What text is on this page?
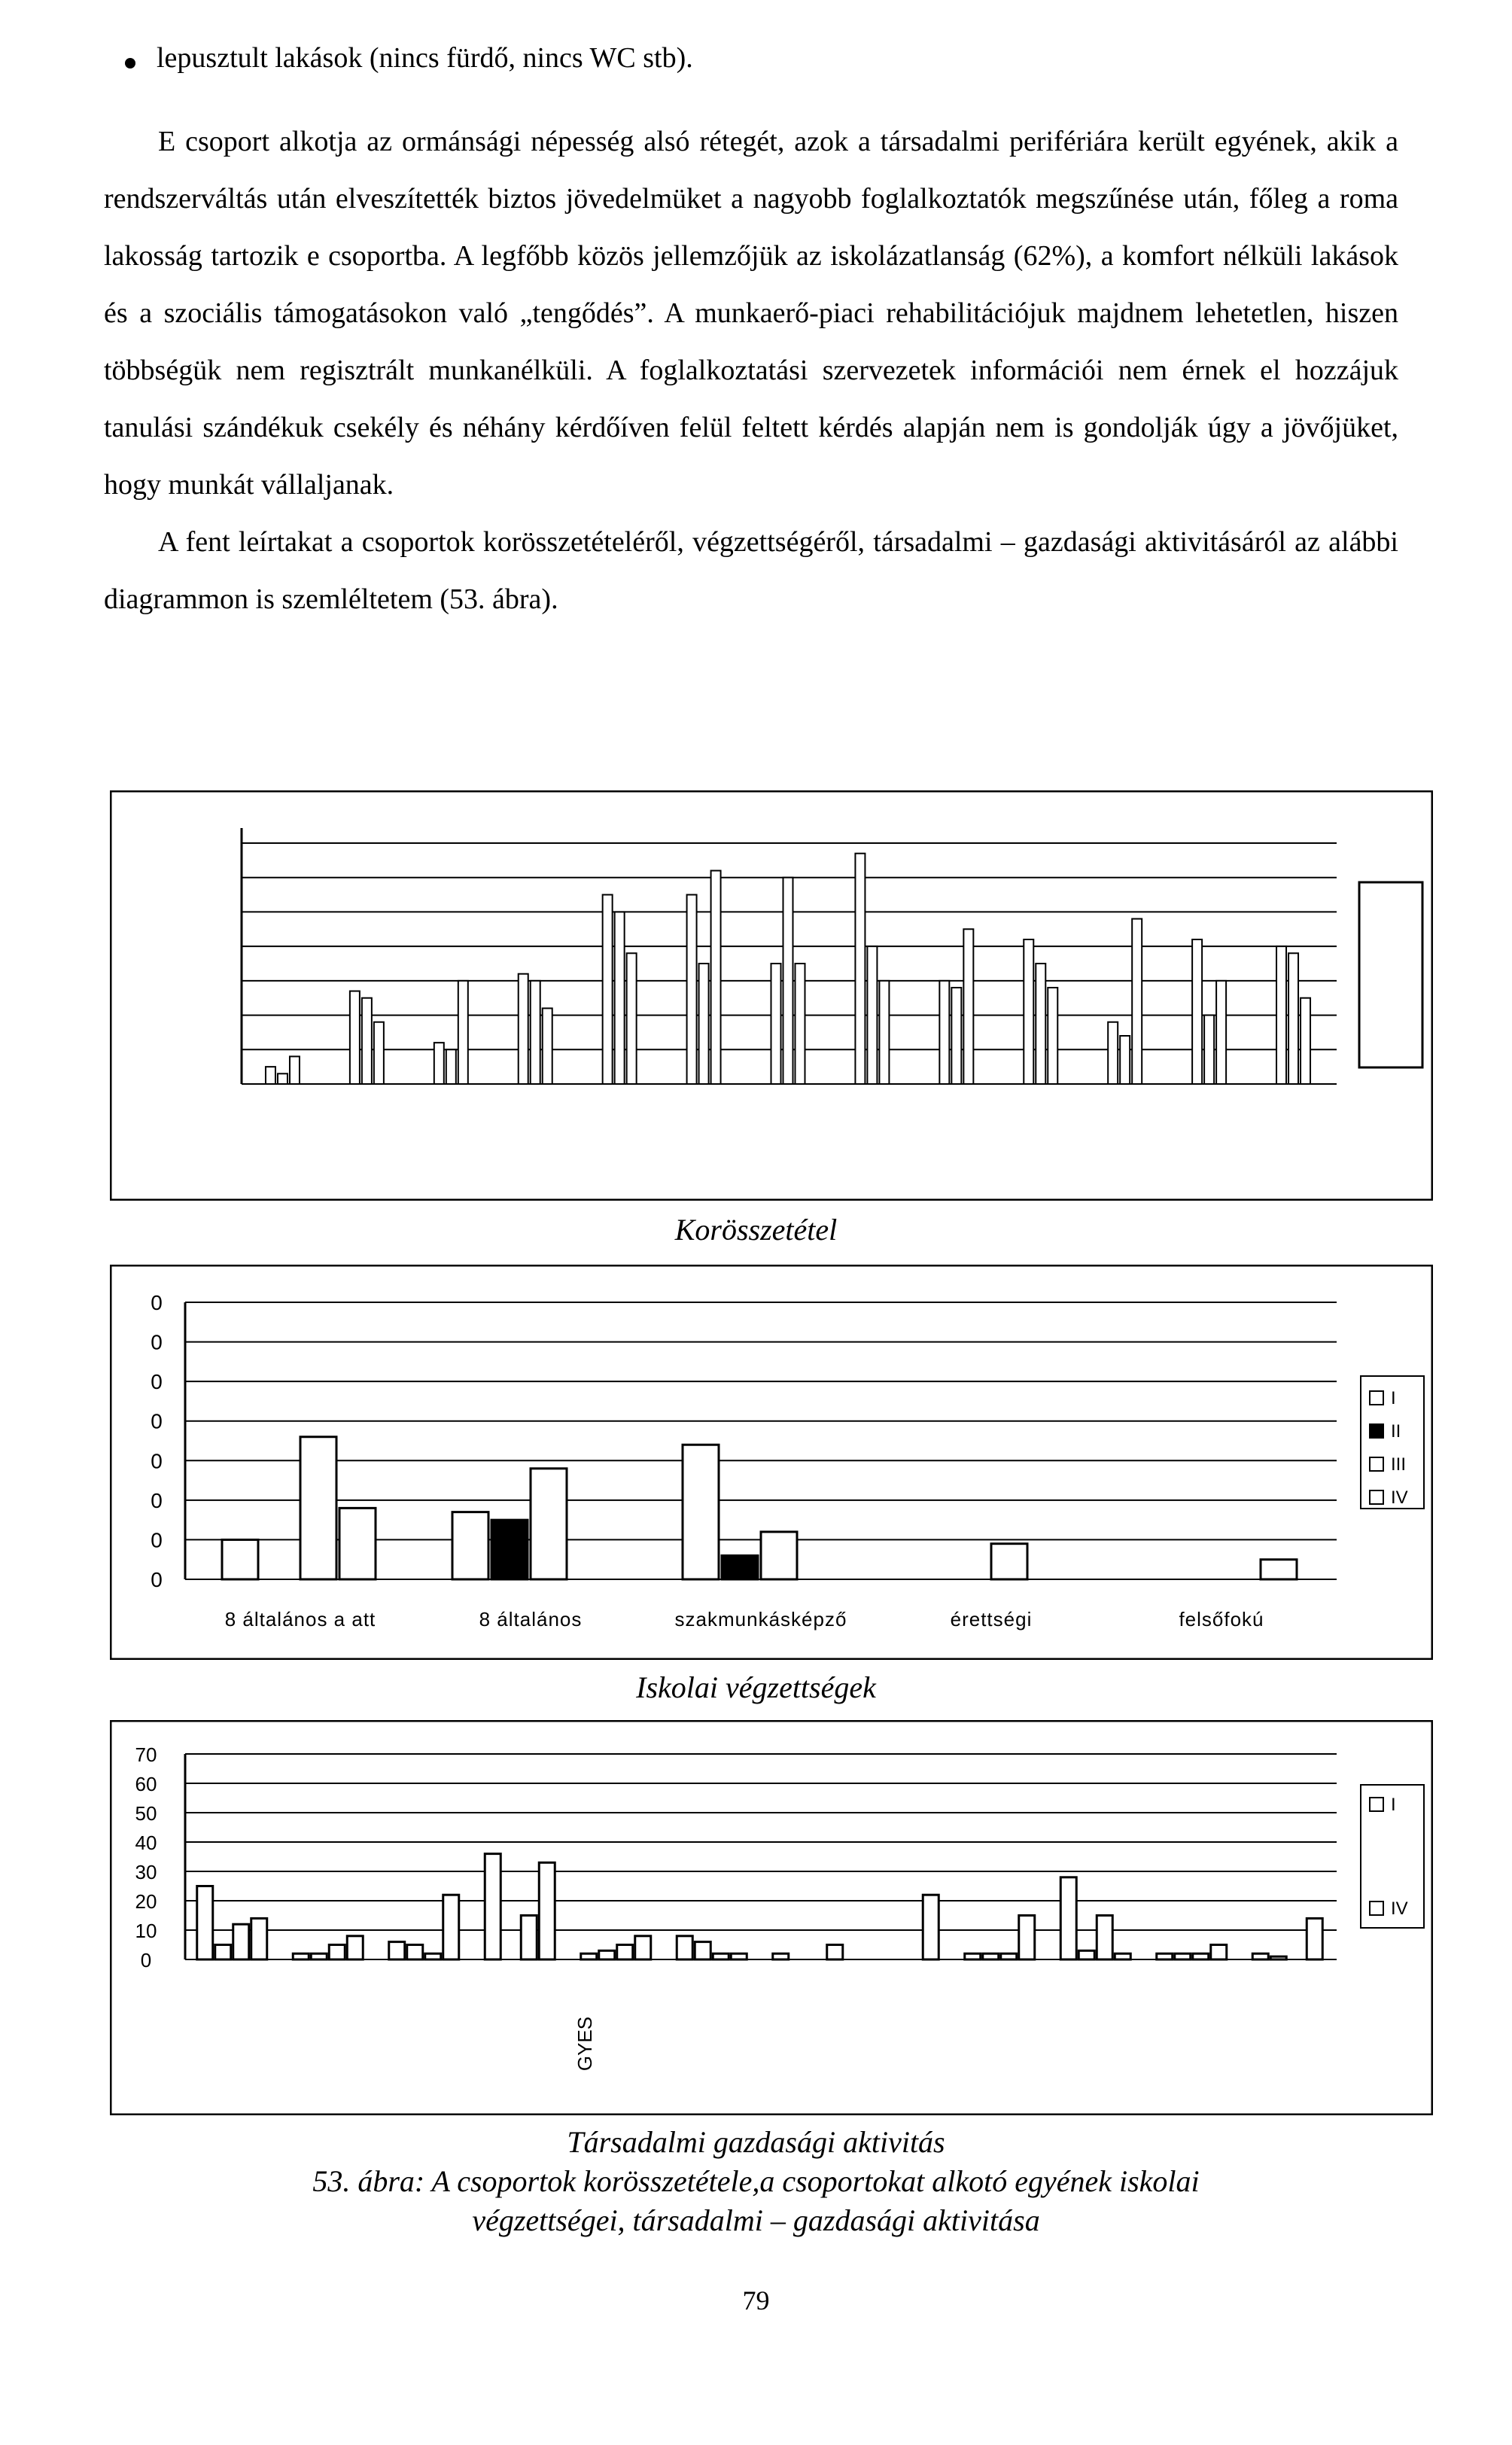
lepusztult lakások (nincs fürdő, nincs WC stb).

E csoport alkotja az ormánsági népesség alsó rétegét, azok a társadalmi perifériára került egyének, akik a rendszerváltás után elveszítették biztos jövedelmüket a nagyobb foglalkoztatók megszűnése után, főleg a roma lakosság tartozik e csoportba. A legfőbb közös jellemzőjük az iskolázatlanság (62%), a komfort nélküli lakások és a szociális támogatásokon való „tengődés”. A munkaerő-piaci rehabilitációjuk majdnem lehetetlen, hiszen többségük nem regisztrált munkanélküli. A foglalkoztatási szervezetek információi nem érnek el hozzájuk tanulási szándékuk csekély és néhány kérdőíven felül feltett kérdés alapján nem is gondolják úgy a jövőjüket, hogy munkát vállaljanak.

A fent leírtakat a csoportok korösszetételéről, végzettségéről, társadalmi – gazdasági aktivitásáról az alábbi diagrammon is szemléltetem (53. ábra).

Korösszetétel
0
0
0
0
0
0
0
0
8 általános a att	8 általános	szakmunkásképző	érettségi	felsőfokú
I
II
III
IV
Iskolai végzettségek
70
60
50
40
30
20
10
0
GYES
I
IV
Társadalmi gazdasági aktivitás
53. ábra: A csoportok korösszetétele,a csoportokat alkotó egyének iskolai
végzettségei, társadalmi – gazdasági aktivitása
79
